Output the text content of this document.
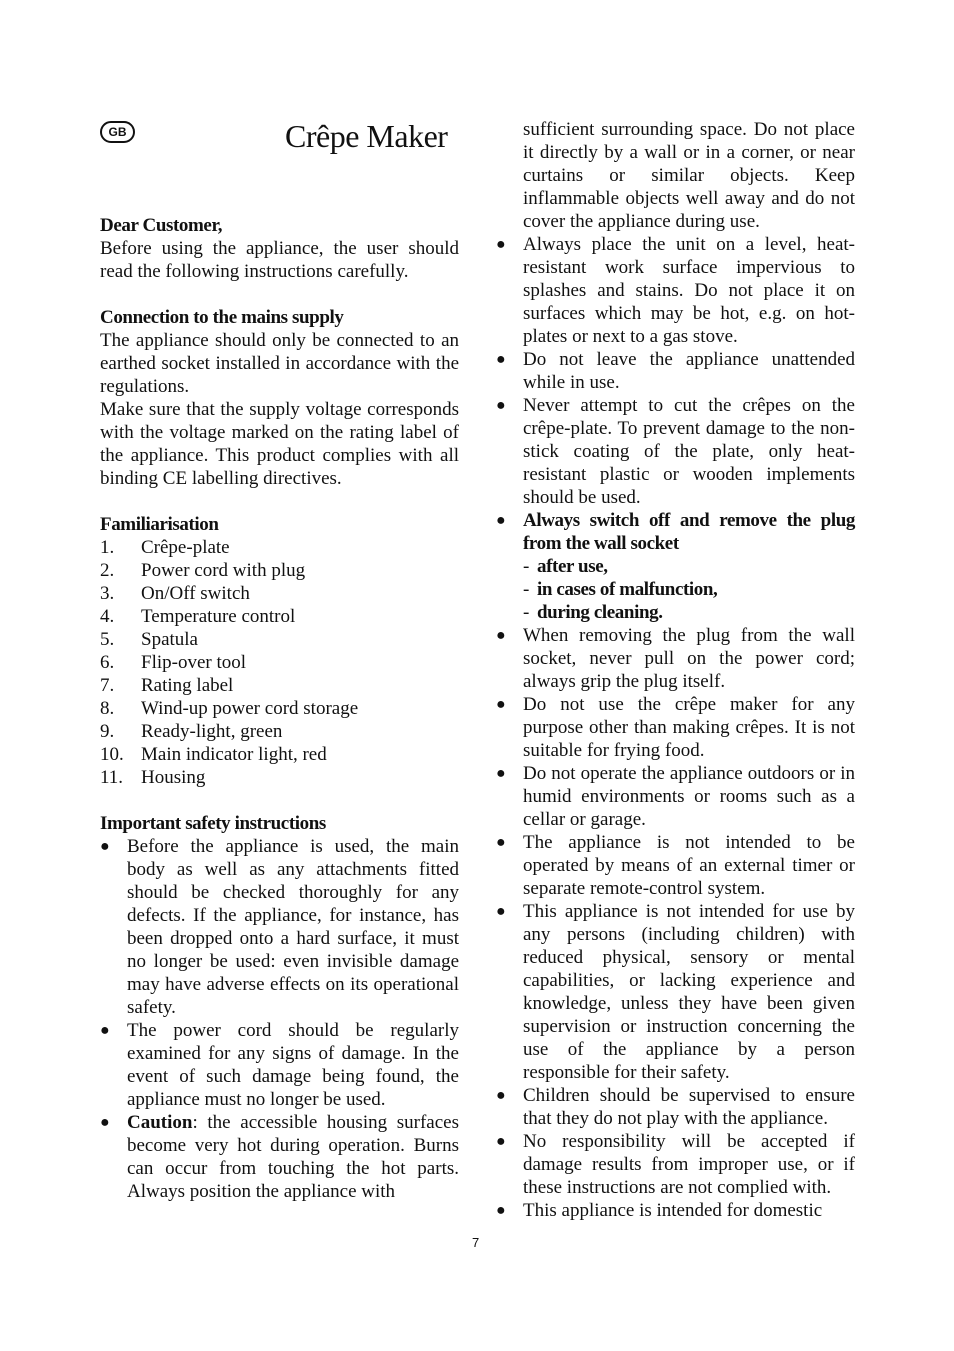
GB	Crêpe Maker

Dear Customer,

Before using the appliance, the user should read the following instructions carefully.

Connection to the mains supply

The appliance should only be connected to an earthed socket installed in accordance with the regulations.

Make sure that the supply voltage corresponds with the voltage marked on the rating label of the appliance. This product complies with all binding CE labelling directives.

Familiarisation

1.	Crêpe-plate
2.	Power cord with plug
3.	On/Off switch
4.	Temperature control
5.	Spatula
6.	Flip-over tool
7.	Rating label
8.	Wind-up power cord storage
9.	Ready-light, green
10. Main indicator light, red
11. Housing

Important safety instructions

● Before the appliance is used, the main body as well as any attachments fitted should be checked thoroughly for any defects. If the appliance, for instance, has been dropped onto a hard surface, it must no longer be used: even invisible damage may have adverse effects on its operational safety.
● The power cord should be regularly examined for any signs of damage. In the event of such damage being found, the appliance must no longer be used.
● Caution: the accessible housing surfaces become very hot during operation. Burns can occur from touching the hot parts. Always position the appliance with

sufficient surrounding space. Do not place it directly by a wall or in a corner, or near curtains or similar objects. Keep inflammable objects well away and do not cover the appliance during use.

● Always place the unit on a level, heat-resistant work surface impervious to splashes and stains. Do not place it on surfaces which may be hot, e.g. on hot-plates or next to a gas stove.
● Do not leave the appliance unattended while in use.
● Never attempt to cut the crêpes on the crêpe-plate. To prevent damage to the non-stick coating of the plate, only heat-resistant plastic or wooden implements should be used.
● Always switch off and remove the plug from the wall socket
- after use,
- in cases of malfunction,
- during cleaning.
● When removing the plug from the wall socket, never pull on the power cord; always grip the plug itself.
● Do not use the crêpe maker for any purpose other than making crêpes. It is not suitable for frying food.
● Do not operate the appliance outdoors or in humid environments or rooms such as a cellar or garage.
● The appliance is not intended to be operated by means of an external timer or separate remote-control system.
● This appliance is not intended for use by any persons (including children) with reduced physical, sensory or mental capabilities, or lacking experience and knowledge, unless they have been given supervision or instruction concerning the use of the appliance by a person responsible for their safety.
● Children should be supervised to ensure that they do not play with the appliance.
● No responsibility will be accepted if damage results from improper use, or if these instructions are not complied with.
● This appliance is intended for domestic
7
